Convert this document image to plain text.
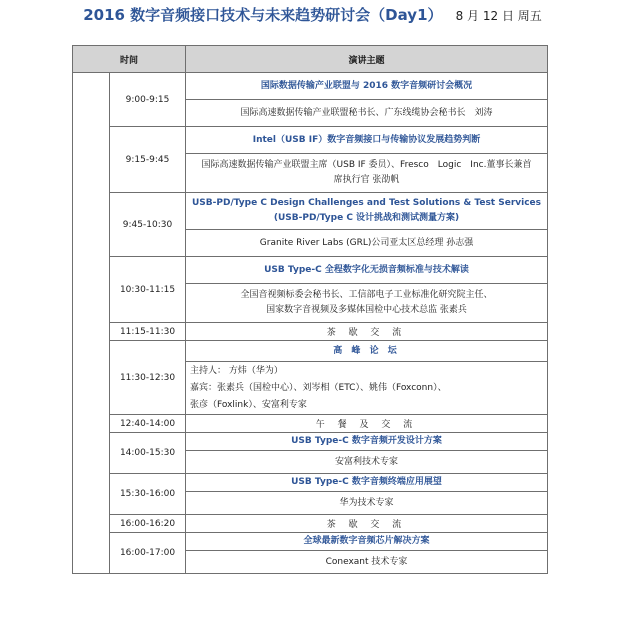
2016 数字音频接口技术与未来趋势研讨会（Day1） 8 月 12 日 周五
时间		演讲主题
	9:00-9:15	国际数据传输产业联盟与 2016 数字音频研讨会概况
		国际高速数据传输产业联盟秘书长、广东线缆协会秘书长　刘涛
	9:15-9:45	Intel（USB IF）数字音频接口与传输协议发展趋势判断

		国际高速数据传输产业联盟主席（USB IF 委员）、Fresco　Logic　Inc.董事长兼首
席执行官 张劭帆

	9:45-10:30	USB-PD/Type C Design Challenges and Test Solutions & Test Services
(USB-PD/Type C 设计挑战和测试测量方案)

		Granite River Labs (GRL)公司亚太区总经理 孙志强
	10:30-11:15	USB Type-C 全程数字化无损音频标准与技术解读

		全国音视频标委会秘书长、工信部电子工业标准化研究院主任、
国家数字音视频及多媒体国检中心技术总监 张素兵

	11:15-11:30	茶 歇 交 流
	11:30-12:30	高 峰 论 坛

		主持人： 方炜（华为）
嘉宾：张素兵（国检中心）、刘岑相（ETC）、姚伟（Foxconn）、
张彦（Foxlink）、安富利专家

	12:40-14:00	午 餐 及 交 流
	14:00-15:30	USB Type-C 数字音频开发设计方案
		安富利技术专家
	15:30-16:00	USB Type-C 数字音频终端应用展望
		华为技术专家
	16:00-16:20	茶 歇 交 流
	16:00-17:00	全球最新数字音频芯片解决方案
		Conexant 技术专家
